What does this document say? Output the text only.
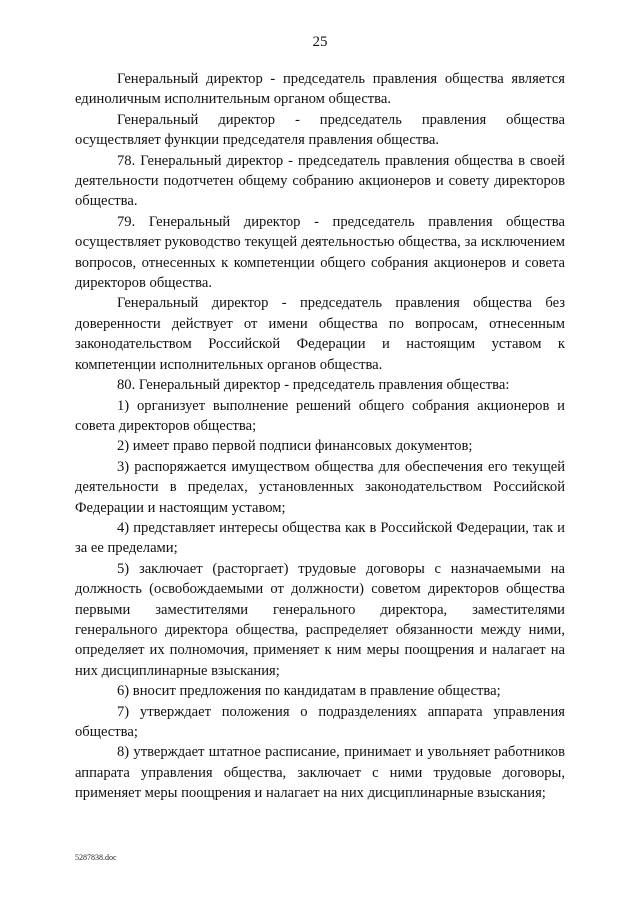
25

Генеральный директор - председатель правления общества является единоличным исполнительным органом общества.

Генеральный директор - председатель правления общества осуществляет функции председателя правления общества.

78. Генеральный директор - председатель правления общества в своей деятельности подотчетен общему собранию акционеров и совету директоров общества.

79. Генеральный директор - председатель правления общества осуществляет руководство текущей деятельностью общества, за исключением вопросов, отнесенных к компетенции общего собрания акционеров и совета директоров общества.

Генеральный директор - председатель правления общества без доверенности действует от имени общества по вопросам, отнесенным законодательством Российской Федерации и настоящим уставом к компетенции исполнительных органов общества.

80. Генеральный директор - председатель правления общества:

1) организует выполнение решений общего собрания акционеров и совета директоров общества;

2) имеет право первой подписи финансовых документов;

3) распоряжается имуществом общества для обеспечения его текущей деятельности в пределах, установленных законодательством Российской Федерации и настоящим уставом;

4) представляет интересы общества как в Российской Федерации, так и за ее пределами;

5) заключает (расторгает) трудовые договоры с назначаемыми на должность (освобождаемыми от должности) советом директоров общества первыми заместителями генерального директора, заместителями генерального директора общества, распределяет обязанности между ними, определяет их полномочия, применяет к ним меры поощрения и налагает на них дисциплинарные взыскания;

6) вносит предложения по кандидатам в правление общества;

7) утверждает положения о подразделениях аппарата управления общества;

8) утверждает штатное расписание, принимает и увольняет работников аппарата управления общества, заключает с ними трудовые договоры, применяет меры поощрения и налагает на них дисциплинарные взыскания;

5287838.doc
